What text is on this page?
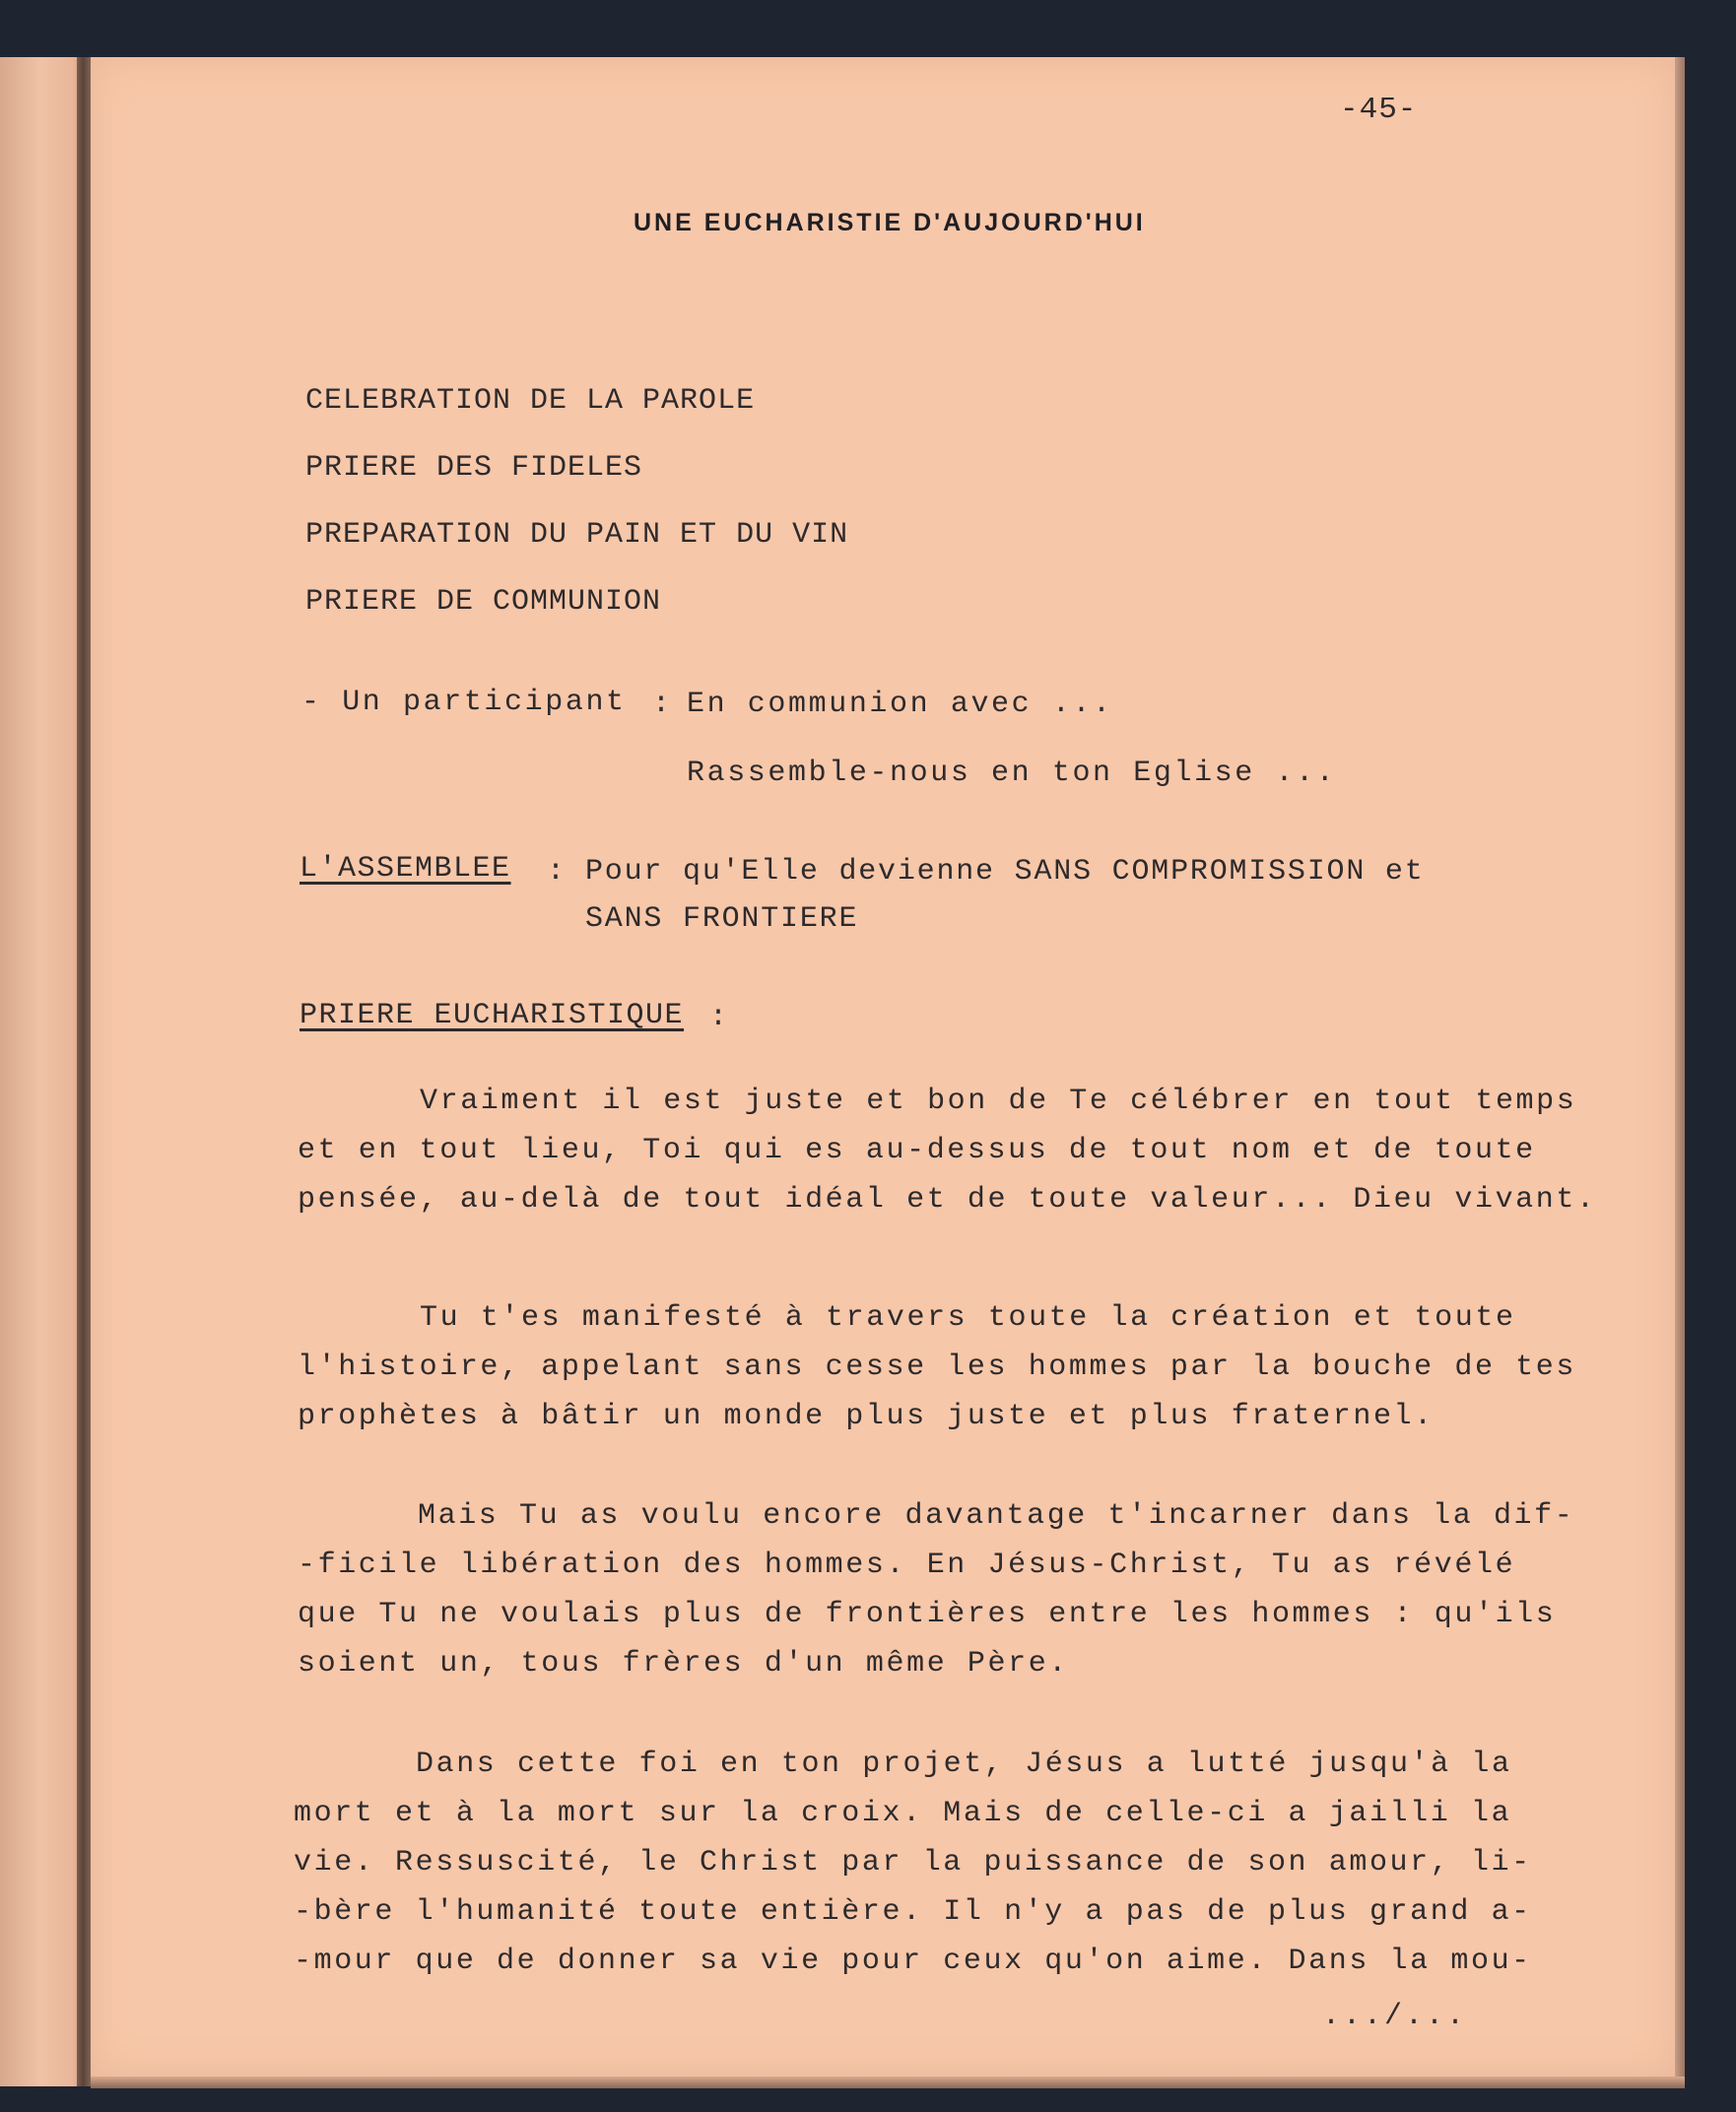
-45-
UNE EUCHARISTIE D'AUJOURD'HUI
CELEBRATION DE LA PAROLE
PRIERE DES FIDELES
PREPARATION DU PAIN ET DU VIN
PRIERE DE COMMUNION
- Un participant : En communion avec ...
Rassemble-nous en ton Eglise ...
L'ASSEMBLEE : Pour qu'Elle devienne SANS COMPROMISSION et
SANS FRONTIERE
PRIERE EUCHARISTIQUE :
Vraiment il est juste et bon de Te célébrer en tout temps
et en tout lieu, Toi qui es au-dessus de tout nom et de toute
pensée, au-delà de tout idéal et de toute valeur... Dieu vivant.
Tu t'es manifesté à travers toute la création et toute
l'histoire, appelant sans cesse les hommes par la bouche de tes
prophètes à bâtir un monde plus juste et plus fraternel.
Mais Tu as voulu encore davantage t'incarner dans la dif-
-ficile libération des hommes. En Jésus-Christ, Tu as révélé
que Tu ne voulais plus de frontières entre les hommes : qu'ils
soient un, tous frères d'un même Père.
Dans cette foi en ton projet, Jésus a lutté jusqu'à la
mort et à la mort sur la croix. Mais de celle-ci a jailli la
vie. Ressuscité, le Christ par la puissance de son amour, li-
-bère l'humanité toute entière. Il n'y a pas de plus grand a-
-mour que de donner sa vie pour ceux qu'on aime. Dans la mou-
.../...
